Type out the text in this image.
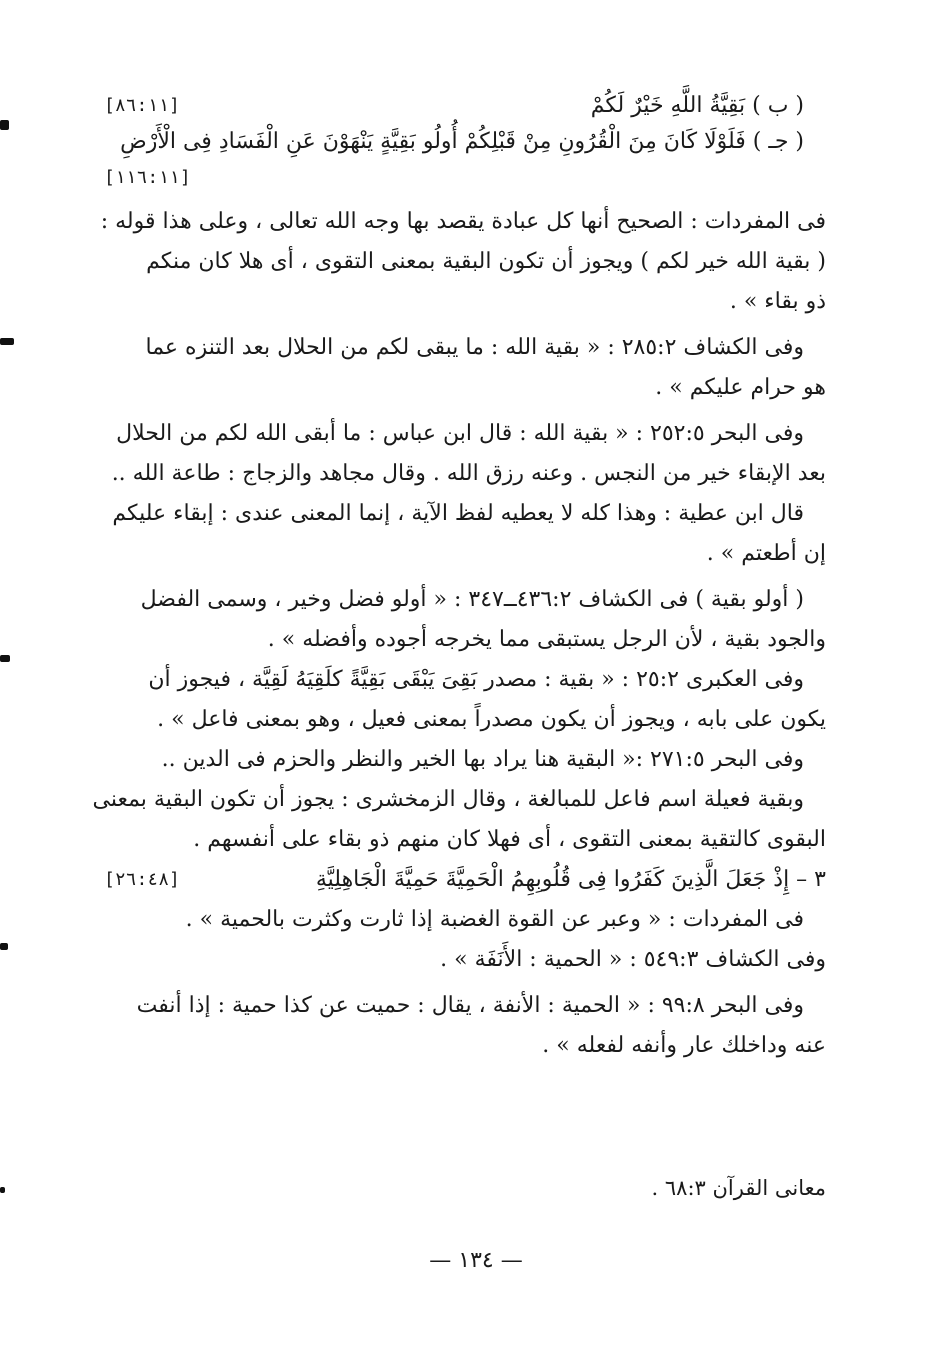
( ب ) بَقِيَّةُ اللَّهِ خَيْرٌ لَكُمْ
[٨٦:١١]
( جـ ) فَلَوْلَا كَانَ مِنَ الْقُرُونِ مِنْ قَبْلِكُمْ أُولُو بَقِيَّةٍ يَنْهَوْنَ عَنِ الْفَسَادِ فِى الْأَرْضِ
[١١٦:١١]
فى المفردات : الصحيح أنها كل عبادة يقصد بها وجه الله تعالى ، وعلى هذا قوله :
( بقية الله خير لكم ) ويجوز أن تكون البقية بمعنى التقوى ، أى هلا كان منكم
ذو بقاء » .
وفى الكشاف ٢٨٥:٢ : « بقية الله : ما يبقى لكم من الحلال بعد التنزه عما
هو حرام عليكم » .
وفى البحر ٢٥٢:٥ : « بقية الله : قال ابن عباس : ما أبقى الله لكم من الحلال
بعد الإبقاء خير من النجس . وعنه رزق الله . وقال مجاهد والزجاج : طاعة الله ..
قال ابن عطية : وهذا كله لا يعطيه لفظ الآية ، إنما المعنى عندى : إبقاء عليكم
إن أطعتم » .
( أولو بقية ) فى الكشاف ٤٣٦:٢ــ٣٤٧ : « أولو فضل وخير ، وسمى الفضل
والجود بقية ، لأن الرجل يستبقى مما يخرجه أجوده وأفضله » .
وفى العكبرى ٢٥:٢ : « بقية : مصدر بَقِىَ يَبْقَى بَقِيَّةً كلَقِيَهُ لَقِيَّة ، فيجوز أن
يكون على بابه ، ويجوز أن يكون مصدراً بمعنى فعيل ، وهو بمعنى فاعل » .
وفى البحر ٢٧١:٥ :« البقية هنا يراد بها الخير والنظر والحزم فى الدين ..
وبقية فعيلة اسم فاعل للمبالغة ، وقال الزمخشرى : يجوز أن تكون البقية بمعنى
البقوى كالتقية بمعنى التقوى ، أى فهلا كان منهم ذو بقاء على أنفسهم .
٣ – إِذْ جَعَلَ الَّذِينَ كَفَرُوا فِى قُلُوبِهِمُ الْحَمِيَّةَ حَمِيَّةَ الْجَاهِلِيَّةِ
[٢٦:٤٨]
فى المفردات : « وعبر عن القوة الغضبة إذا ثارت وكثرت بالحمية » .
وفى الكشاف ٥٤٩:٣ : « الحمية : الأَنَفَة » .
وفى البحر ٩٩:٨ : « الحمية : الأنفة ، يقال : حميت عن كذا حمية : إذا أنفت
عنه وداخلك عار وأنفه لفعله » .
معانى القرآن ٦٨:٣ .
— ١٣٤ —
